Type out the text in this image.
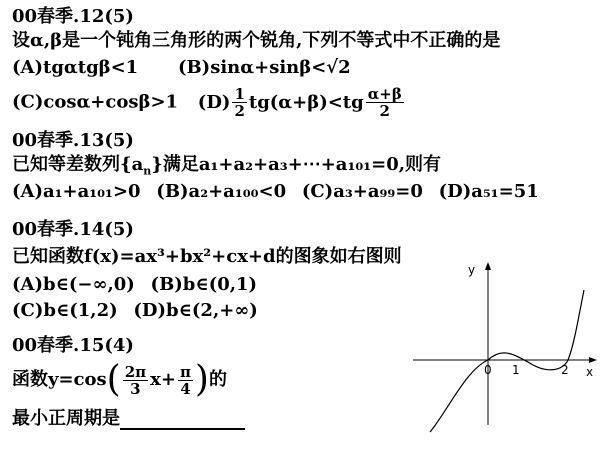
00春季.12(5)
设α,β是一个钝角三角形的两个锐角,下列不等式中不正确的是
(A)tgαtgβ<1 (B)sinα+sinβ<√2
(C)cosα+cosβ>1 $(D) \frac{1}{2} tg(\alpha+\beta)<tg \frac{\alpha+\beta}{2}$
00春季.13(5)
已知等差数列$\{a_n\}$满足a₁+a₂+a₃+⋯+a₁₀₁=0,则有
(A)a₁+a₁₀₁>0 (B)a₂+a₁₀₀<0 (C)a₃+a₉₉=0 (D)a₅₁=51
00春季.14(5)
已知函数f(x)=ax³+bx²+cx+d的图象如右图则
(A)b∈(−∞,0) (B)b∈(0,1)
(C)b∈(1,2) (D)b∈(2,+∞)
00春季.15(4)
函数$y=\cos( \frac{2\pi}{3} x+ \frac{\pi}{4}$ )的
最小正周期是
y
x
0 1	2
